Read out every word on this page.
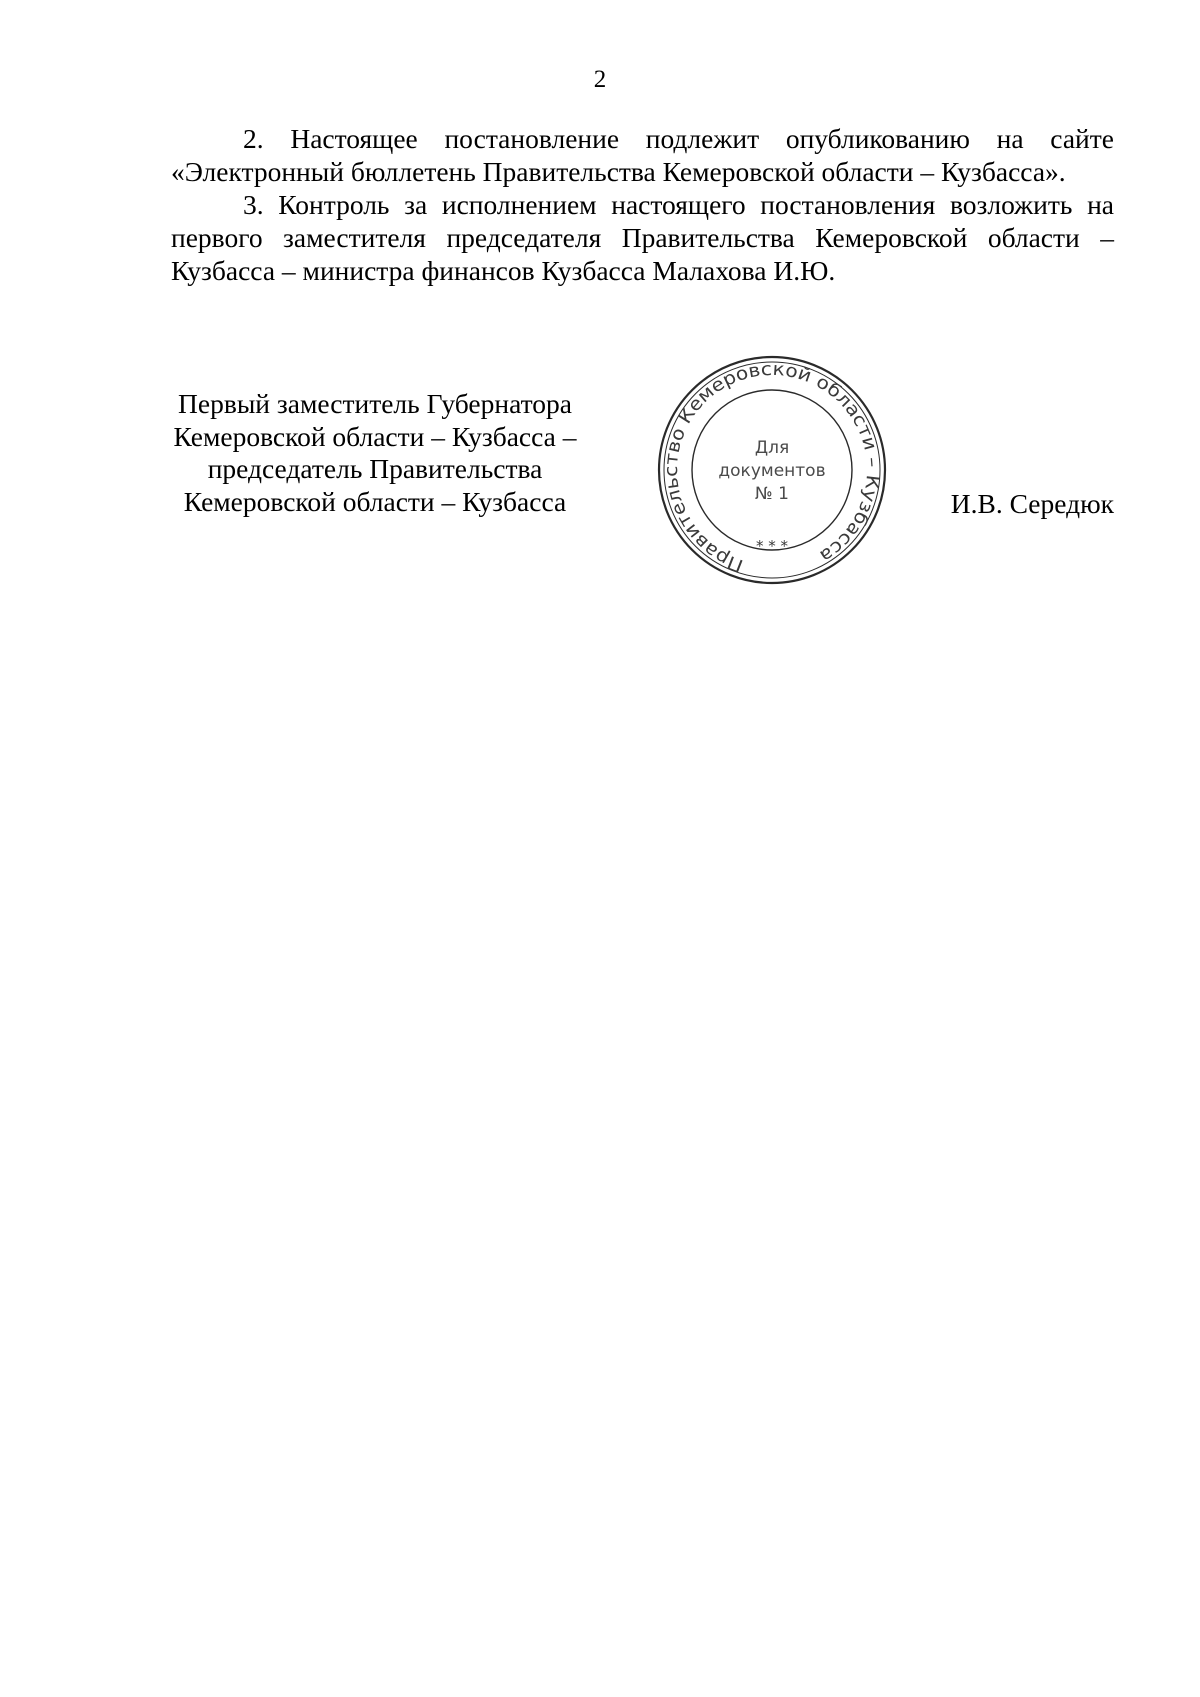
2

2. Настоящее постановление подлежит опубликованию на сайте «Электронный бюллетень Правительства Кемеровской области – Кузбасса».

3. Контроль за исполнением настоящего постановления возложить на первого заместителя председателя Правительства Кемеровской области – Кузбасса – министра финансов Кузбасса Малахова И.Ю.

Первый заместитель Губернатора
Кемеровской области – Кузбасса –
председатель Правительства
Кемеровской области – Кузбасса
Правительство Кемеровской области – Кузбасса
* * *
Для
документов
№ 1	И.В. Середюк
